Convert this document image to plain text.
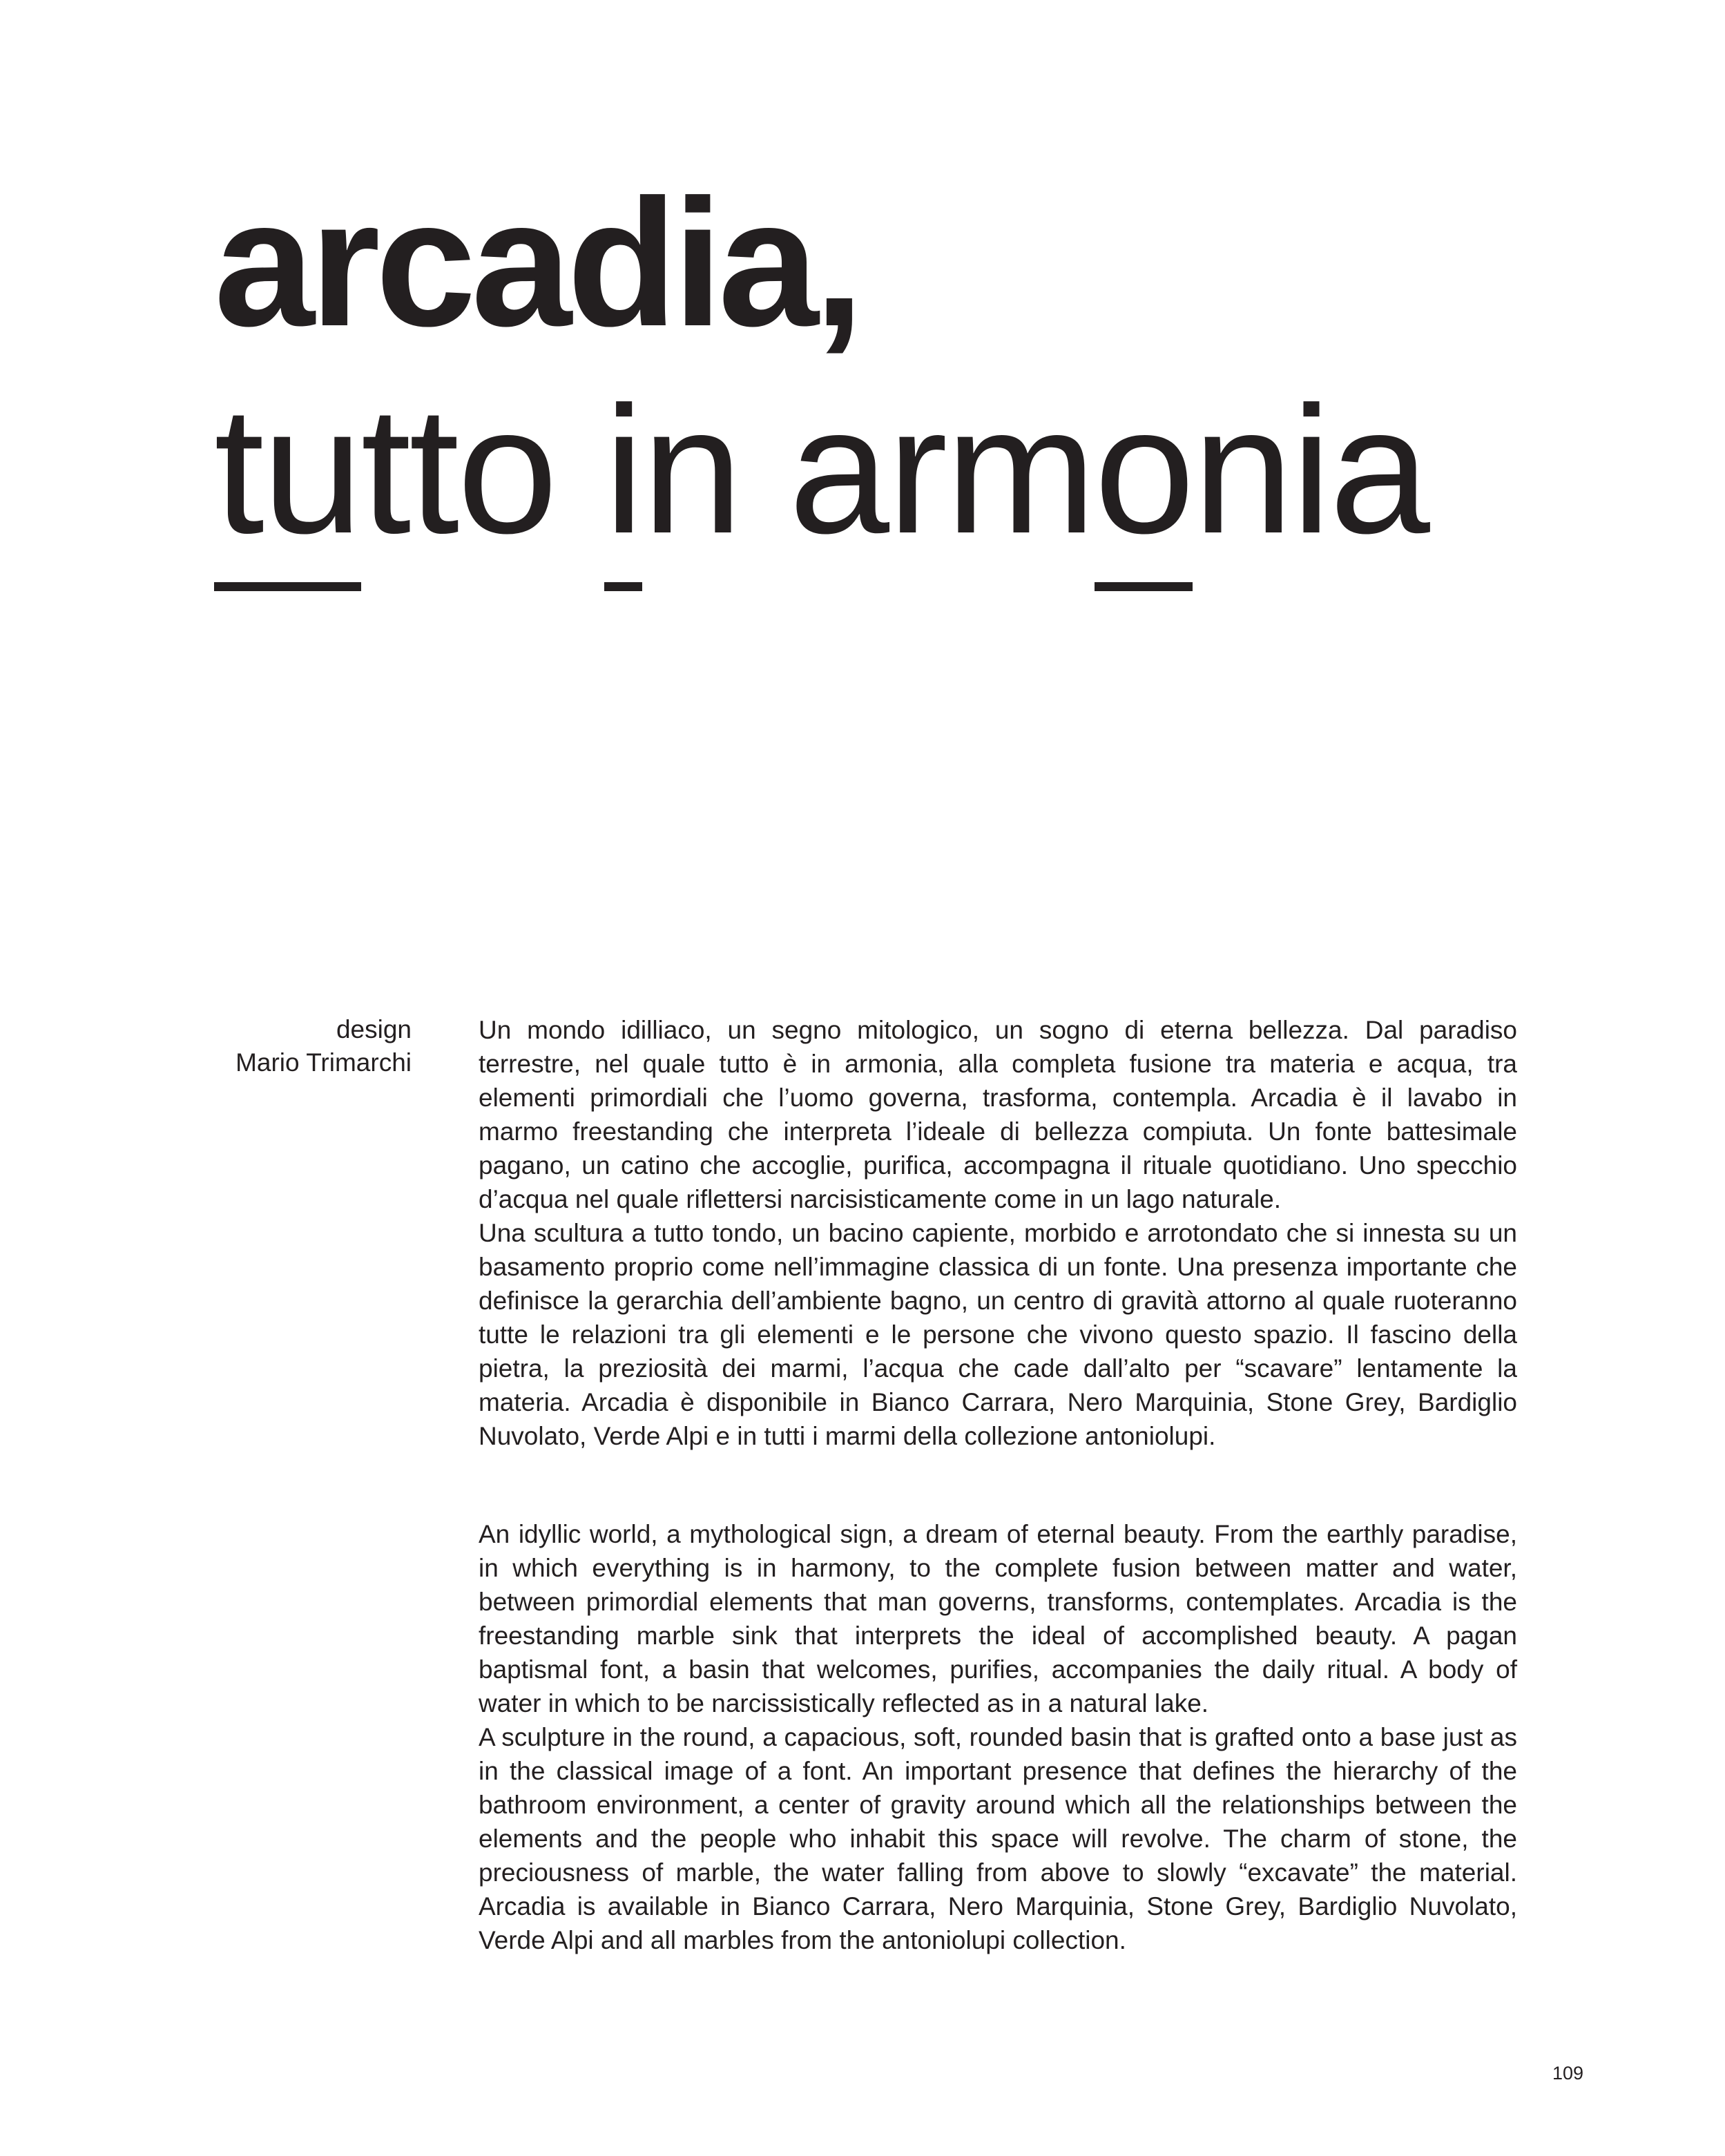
arcadia,
tutto in armonia
design
Mario Trimarchi

Un mondo idilliaco, un segno mitologico, un sogno di eterna bellezza. Dal paradiso terrestre, nel quale tutto è in armonia, alla completa fusione tra materia e acqua, tra elementi primordiali che l’uomo governa, trasforma, contempla. Arcadia è il lavabo in marmo freestanding che interpreta l’ideale di bellezza compiuta. Un fonte battesimale pagano, un catino che accoglie, purifica, accompagna il rituale quotidiano. Uno specchio d’acqua nel quale riflettersi narcisisticamente come in un lago naturale.

Una scultura a tutto tondo, un bacino capiente, morbido e arrotondato che si innesta su un basamento proprio come nell’immagine classica di un fonte. Una presenza importante che definisce la gerarchia dell’ambiente bagno, un centro di gravità attorno al quale ruoteranno tutte le relazioni tra gli elementi e le persone che vivono questo spazio. Il fascino della pietra, la preziosità dei marmi, l’acqua che cade dall’alto per “scavare” lentamente la materia. Arcadia è disponibile in Bianco Carrara, Nero Marquinia, Stone Grey, Bardiglio Nuvolato, Verde Alpi e in tutti i marmi della collezione antoniolupi.

An idyllic world, a mythological sign, a dream of eternal beauty. From the earthly paradise, in which everything is in harmony, to the complete fusion between matter and water, between primordial elements that man governs, transforms, contemplates. Arcadia is the freestanding marble sink that interprets the ideal of accomplished beauty. A pagan baptismal font, a basin that welcomes, purifies, accompanies the daily ritual. A body of water in which to be narcissistically reflected as in a natural lake.

A sculpture in the round, a capacious, soft, rounded basin that is grafted onto a base just as in the classical image of a font. An important presence that defines the hierarchy of the bathroom environment, a center of gravity around which all the relationships between the elements and the people who inhabit this space will revolve. The charm of stone, the preciousness of marble, the water falling from above to slowly “excavate” the material. Arcadia is available in Bianco Carrara, Nero Marquinia, Stone Grey, Bardiglio Nuvolato, Verde Alpi and all marbles from the antoniolupi collection.

109
